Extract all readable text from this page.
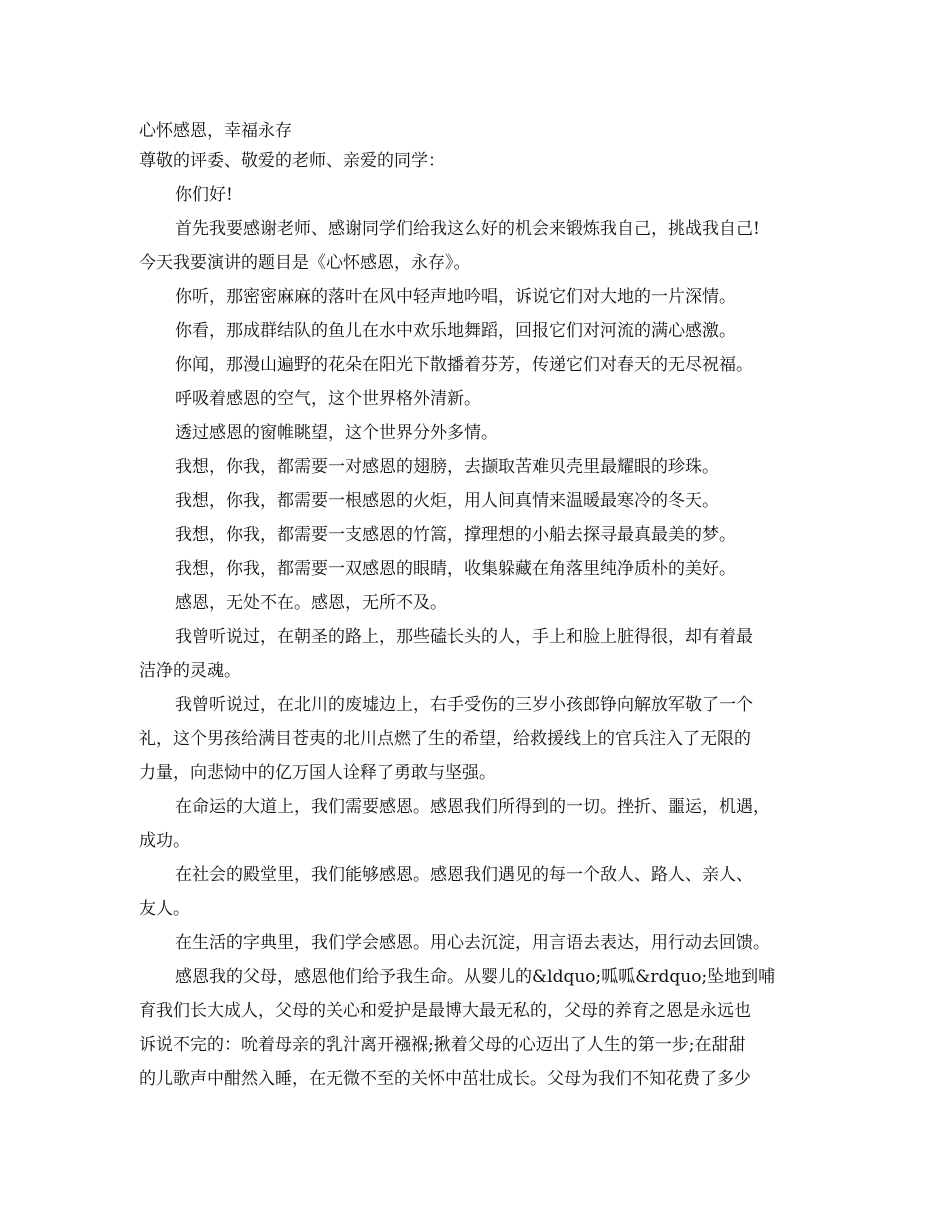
心怀感恩，幸福永存
尊敬的评委、敬爱的老师、亲爱的同学：
你们好!
首先我要感谢老师、感谢同学们给我这么好的机会来锻炼我自己，挑战我自己!
今天我要演讲的题目是《心怀感恩，永存》。
你听，那密密麻麻的落叶在风中轻声地吟唱，诉说它们对大地的一片深情。
你看，那成群结队的鱼儿在水中欢乐地舞蹈，回报它们对河流的满心感激。
你闻，那漫山遍野的花朵在阳光下散播着芬芳，传递它们对春天的无尽祝福。
呼吸着感恩的空气，这个世界格外清新。
透过感恩的窗帷眺望，这个世界分外多情。
我想，你我，都需要一对感恩的翅膀，去撷取苦难贝壳里最耀眼的珍珠。
我想，你我，都需要一根感恩的火炬，用人间真情来温暖最寒冷的冬天。
我想，你我，都需要一支感恩的竹篙，撑理想的小船去探寻最真最美的梦。
我想，你我，都需要一双感恩的眼睛，收集躲藏在角落里纯净质朴的美好。
感恩，无处不在。感恩，无所不及。
我曾听说过，在朝圣的路上，那些磕长头的人，手上和脸上脏得很，却有着最
洁净的灵魂。
我曾听说过，在北川的废墟边上，右手受伤的三岁小孩郎铮向解放军敬了一个
礼，这个男孩给满目苍夷的北川点燃了生的希望，给救援线上的官兵注入了无限的
力量，向悲恸中的亿万国人诠释了勇敢与坚强。
在命运的大道上，我们需要感恩。感恩我们所得到的一切。挫折、噩运，机遇，
成功。
在社会的殿堂里，我们能够感恩。感恩我们遇见的每一个敌人、路人、亲人、
友人。
在生活的字典里，我们学会感恩。用心去沉淀，用言语去表达，用行动去回馈。
感恩我的父母，感恩他们给予我生命。从婴儿的&ldquo;呱呱&rdquo;坠地到哺
育我们长大成人，父母的关心和爱护是最博大最无私的，父母的养育之恩是永远也
诉说不完的：吮着母亲的乳汁离开襁褓;揪着父母的心迈出了人生的第一步;在甜甜
的儿歌声中酣然入睡，在无微不至的关怀中茁壮成长。父母为我们不知花费了多少
